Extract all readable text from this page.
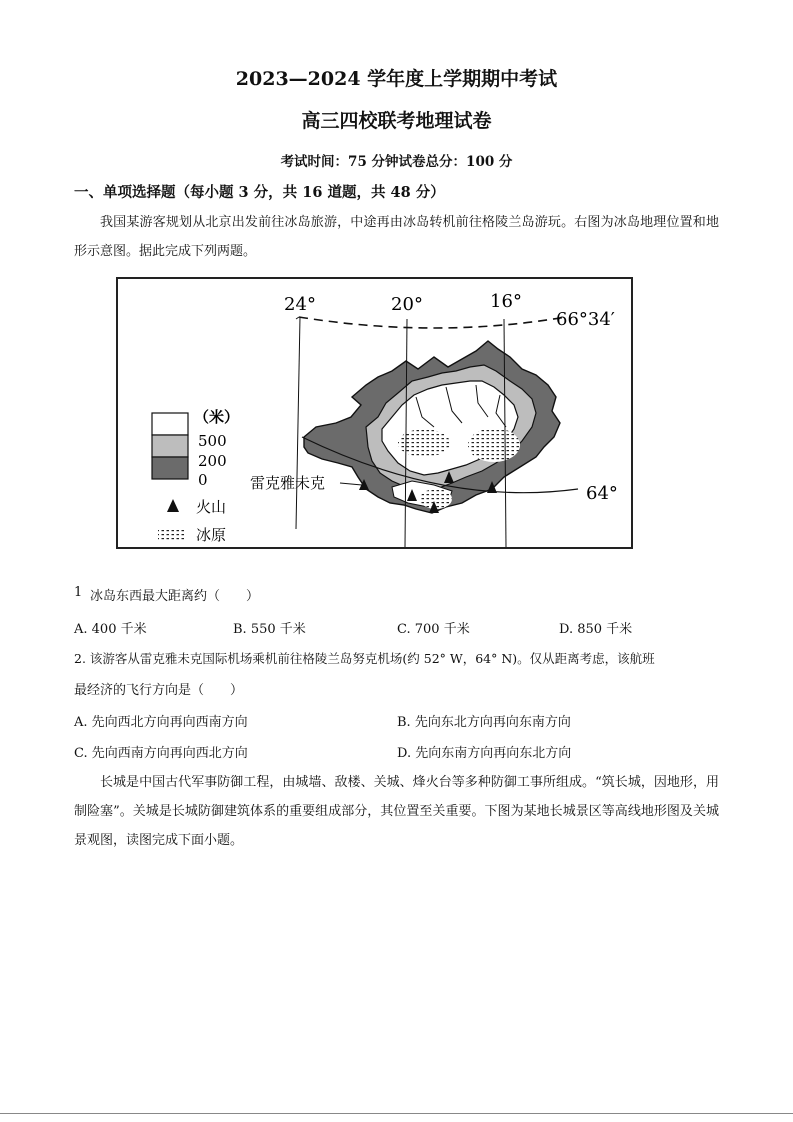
2023—2024 学年度上学期期中考试
高三四校联考地理试卷
考试时间：75 分钟试卷总分：100 分
一、单项选择题（每小题 3 分，共 16 道题，共 48 分）
我国某游客规划从北京出发前往冰岛旅游，中途再由冰岛转机前往格陵兰岛游玩。右图为冰岛地理位置和地形示意图。据此完成下列两题。
24°	20°	16°
66°34′
64°
雷克雅未克
（米）
500
200
0
火山
冰原
1 冰岛东西最大距离约（　　）
A. 400 千米	B. 550 千米	C. 700 千米	D. 850 千米
2. 该游客从雷克雅未克国际机场乘机前往格陵兰岛努克机场(约 52° W，64° N)。仅从距离考虑，该航班
最经济的飞行方向是（　　）
A. 先向西北方向再向西南方向	B. 先向东北方向再向东南方向
C. 先向西南方向再向西北方向	D. 先向东南方向再向东北方向
长城是中国古代军事防御工程，由城墙、敌楼、关城、烽火台等多种防御工事所组成。“筑长城，因地形，用制险塞”。关城是长城防御建筑体系的重要组成部分，其位置至关重要。下图为某地长城景区等高线地形图及关城景观图，读图完成下面小题。
